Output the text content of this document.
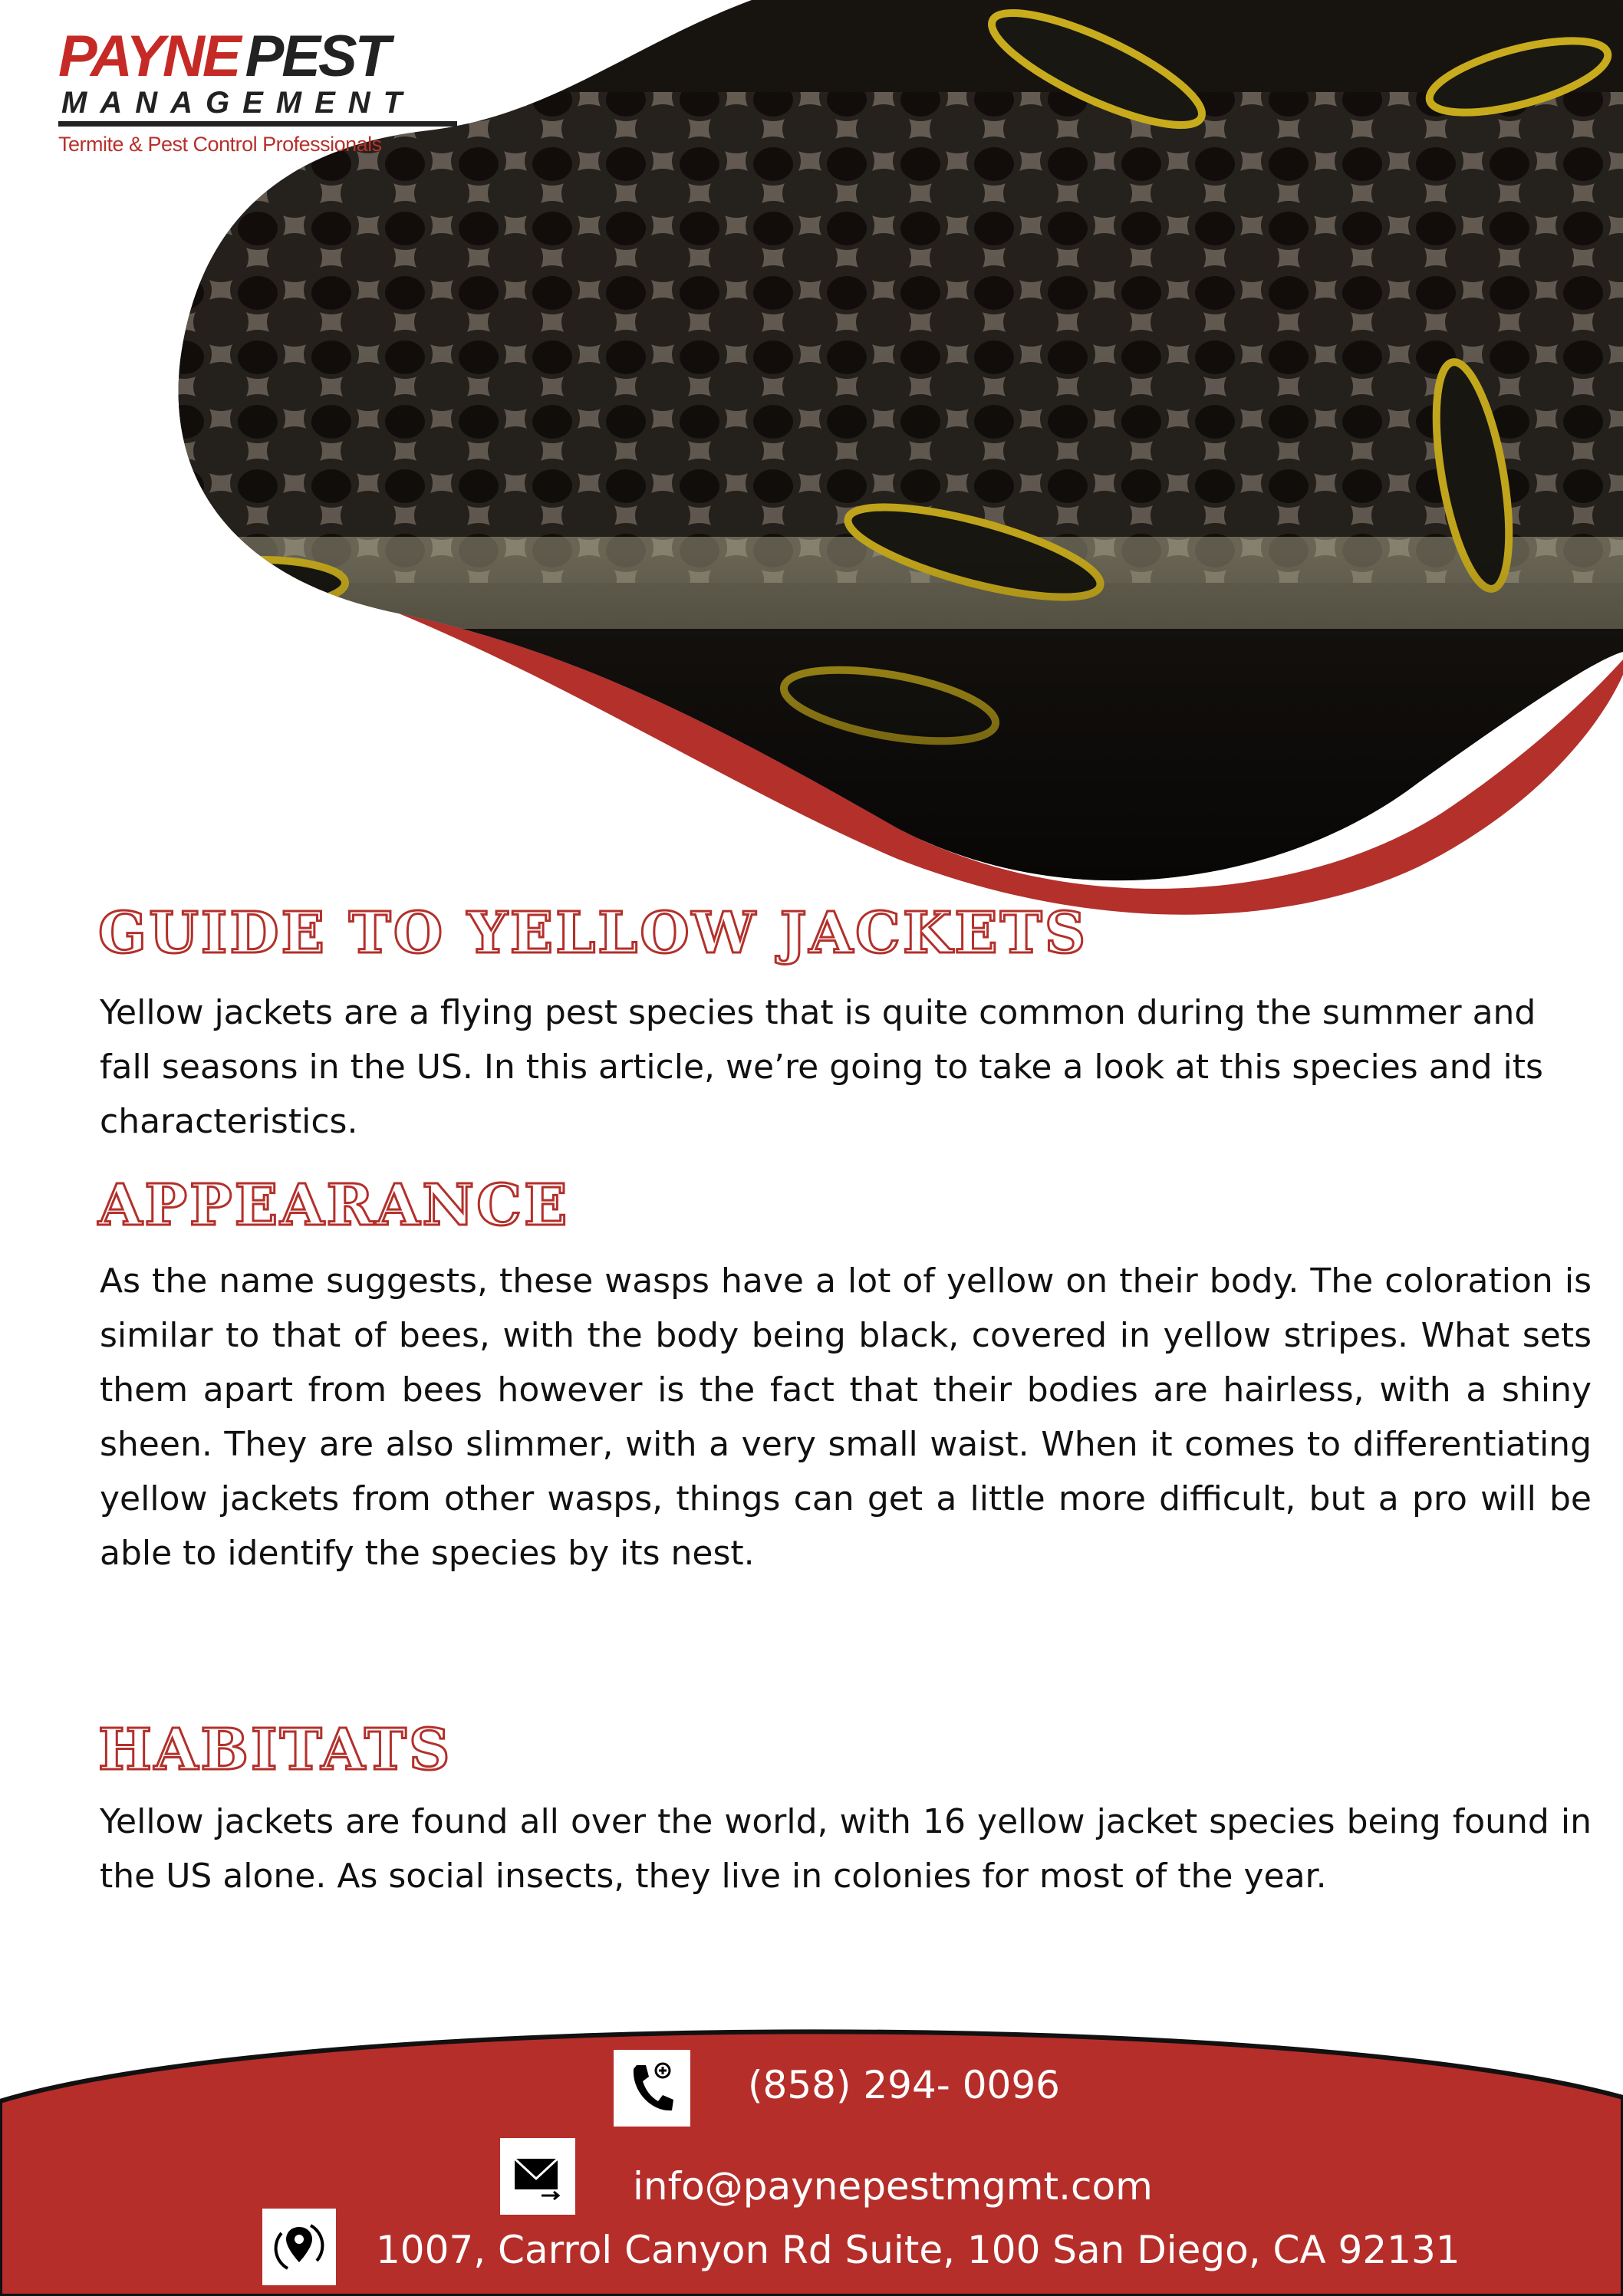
PAYNE PEST
MANAGEMENT
Termite & Pest Control Professionals
GUIDE TO YELLOW JACKETS
Yellow jackets are a flying pest species that is quite common during the summer and fall seasons in the US. In this article, we’re going to take a look at this species and its characteristics.
APPEARANCE
As the name suggests, these wasps have a lot of yellow on their body. The coloration is similar to that of bees, with the body being black, covered in yellow stripes. What sets them apart from bees however is the fact that their bodies are hairless, with a shiny sheen. They are also slimmer, with a very small waist. When it comes to differentiating yellow jackets from other wasps, things can get a little more difficult, but a pro will be able to identify the species by its nest.
HABITATS
Yellow jackets are found all over the world, with 16 yellow jacket species being found in the US alone. As social insects, they live in colonies for most of the year.
(858) 294- 0096
info@paynepestmgmt.com
1007, Carrol Canyon Rd Suite, 100 San Diego, CA 92131
